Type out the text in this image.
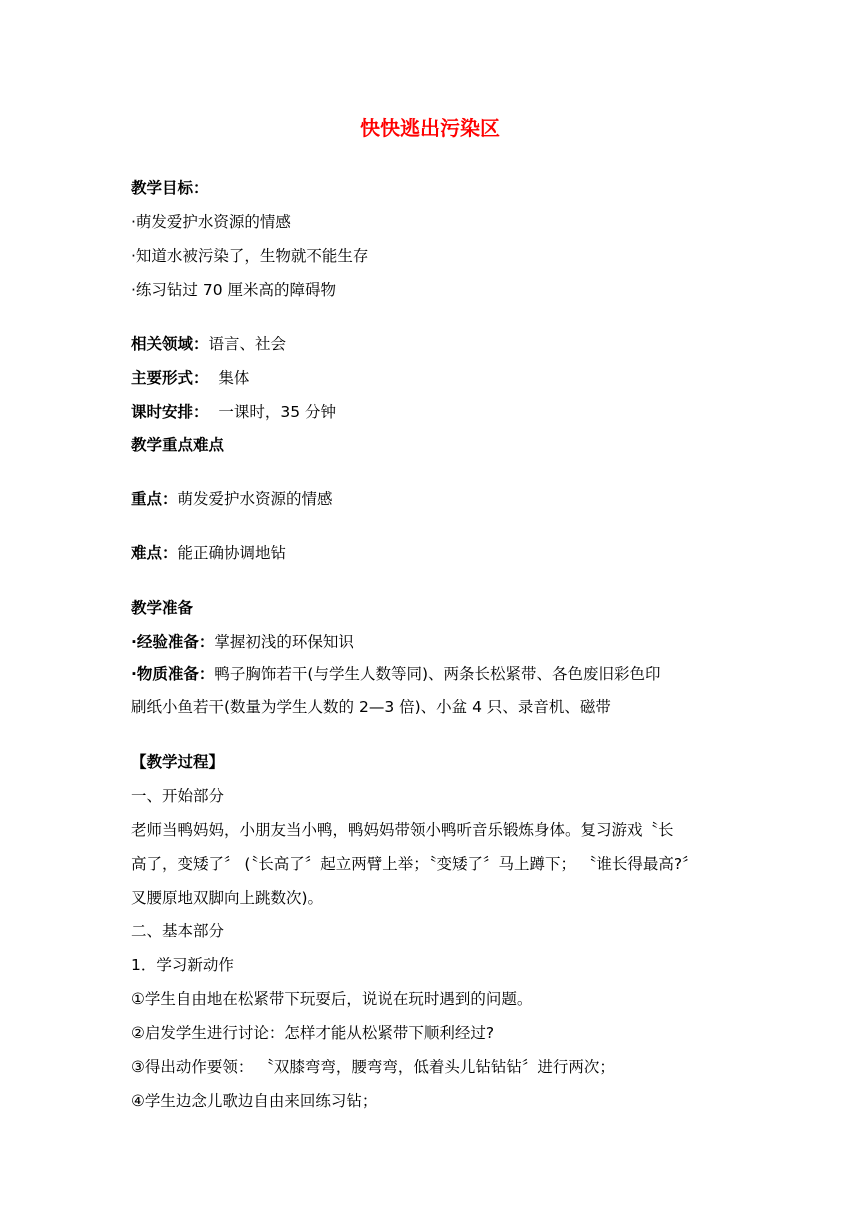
快快逃出污染区
教学目标：
·萌发爱护水资源的情感
·知道水被污染了，生物就不能生存
·练习钻过 70 厘米高的障碍物
相关领域：语言、社会
主要形式：  集体
课时安排：  一课时，35 分钟
教学重点难点
重点：萌发爱护水资源的情感
难点：能正确协调地钻
教学准备
·经验准备：掌握初浅的环保知识
·物质准备：鸭子胸饰若干(与学生人数等同)、两条长松紧带、各色废旧彩色印
刷纸小鱼若干(数量为学生人数的 2—3 倍)、小盆 4 只、录音机、磁带
【教学过程】
一、开始部分
老师当鸭妈妈，小朋友当小鸭，鸭妈妈带领小鸭听音乐锻炼身体。复习游戏〝长
高了，变矮了〞 (〝长高了〞起立两臂上举；〝变矮了〞马上蹲下； 〝谁长得最高?〞
叉腰原地双脚向上跳数次)。
二、基本部分
1．学习新动作
①学生自由地在松紧带下玩耍后，说说在玩时遇到的问题。
②启发学生进行讨论：怎样才能从松紧带下顺利经过?
③得出动作要领： 〝双膝弯弯，腰弯弯，低着头儿钻钻钻〞进行两次；
④学生边念儿歌边自由来回练习钻；
